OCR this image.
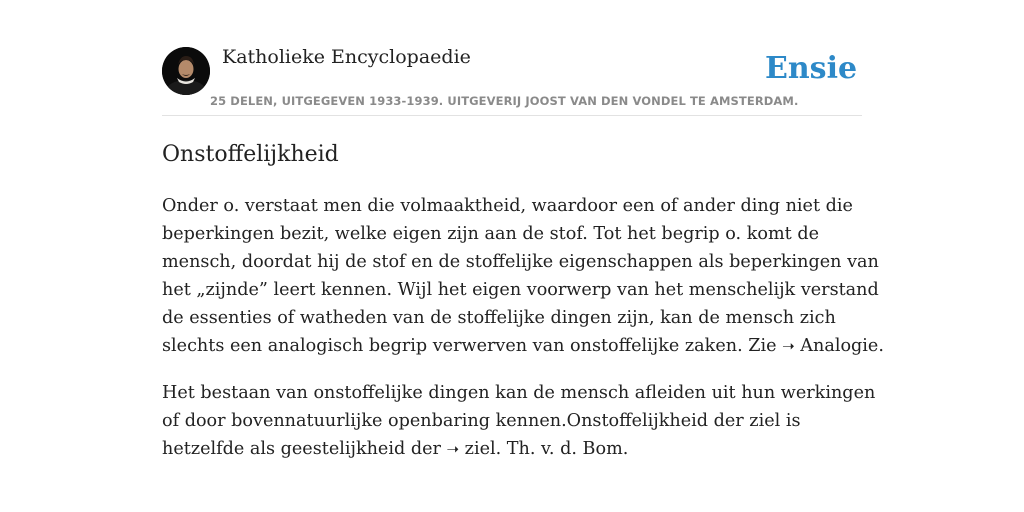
Katholieke Encyclopaedie	Ensie
25 DELEN, UITGEGEVEN 1933-1939. UITGEVERIJ JOOST VAN DEN VONDEL TE AMSTERDAM.
Onstoffelijkheid

Onder o. verstaat men die volmaaktheid, waardoor een of ander ding niet die
beperkingen bezit, welke eigen zijn aan de stof. Tot het begrip o. komt de
mensch, doordat hij de stof en de stoffelijke eigenschappen als beperkingen van
het „zijnde” leert kennen. Wijl het eigen voorwerp van het menschelijk verstand
de essenties of watheden van de stoffelijke dingen zijn, kan de mensch zich
slechts een analogisch begrip verwerven van onstoffelijke zaken. Zie ➝ Analogie.

Het bestaan van onstoffelijke dingen kan de mensch afleiden uit hun werkingen
of door bovennatuurlijke openbaring kennen.Onstoffelijkheid der ziel is
hetzelfde als geestelijkheid der ➝ ziel. Th. v. d. Bom.
